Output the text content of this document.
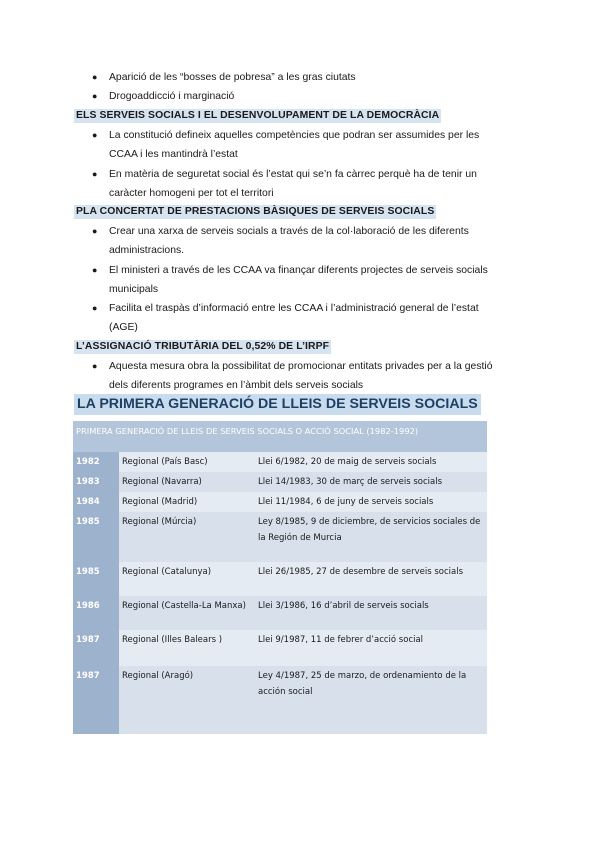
● Aparició de les “bosses de pobresa” a les gras ciutats
● Drogoaddicció i marginació
ELS SERVEIS SOCIALS I EL DESENVOLUPAMENT DE LA DEMOCRÀCIA
● La constitució defineix aquelles competències que podran ser assumides per les
CCAA i les mantindrà l’estat
● En matèria de seguretat social és l’estat qui se’n fa càrrec perquè ha de tenir un
caràcter homogeni per tot el territori
PLA CONCERTAT DE PRESTACIONS BÀSIQUES DE SERVEIS SOCIALS
● Crear una xarxa de serveis socials a través de la col·laboració de les diferents
administracions.
● El ministeri a través de les CCAA va finançar diferents projectes de serveis socials
municipals
● Facilita el traspàs d’informació entre les CCAA i l’administració general de l’estat
(AGE)
L’ASSIGNACIÓ TRIBUTÀRIA DEL 0,52% DE L’IRPF
● Aquesta mesura obra la possibilitat de promocionar entitats privades per a la gestió
dels diferents programes en l’àmbit dels serveis socials
LA PRIMERA GENERACIÓ DE LLEIS DE SERVEIS SOCIALS
PRIMERA GENERACIÓ DE LLEIS DE SERVEIS SOCIALS O ACCIÓ SOCIAL (1982-1992)		
1982	Regional (País Basc)	Llei 6/1982, 20 de maig de serveis socials
1983	Regional (Navarra)	Llei 14/1983, 30 de març de serveis socials
1984	Regional (Madrid)	Llei 11/1984, 6 de juny de serveis socials
1985	Regional (Múrcia)	Ley 8/1985, 9 de diciembre, de servicios sociales de la Región de Murcia
1985	Regional (Catalunya)	Llei 26/1985, 27 de desembre de serveis socials
1986	Regional (Castella-La Manxa)	Llei 3/1986, 16 d’abril de serveis socials
1987	Regional (Illes Balears )	Llei 9/1987, 11 de febrer d’acció social
1987	Regional (Aragó)	Ley 4/1987, 25 de marzo, de ordenamiento de la acción social
